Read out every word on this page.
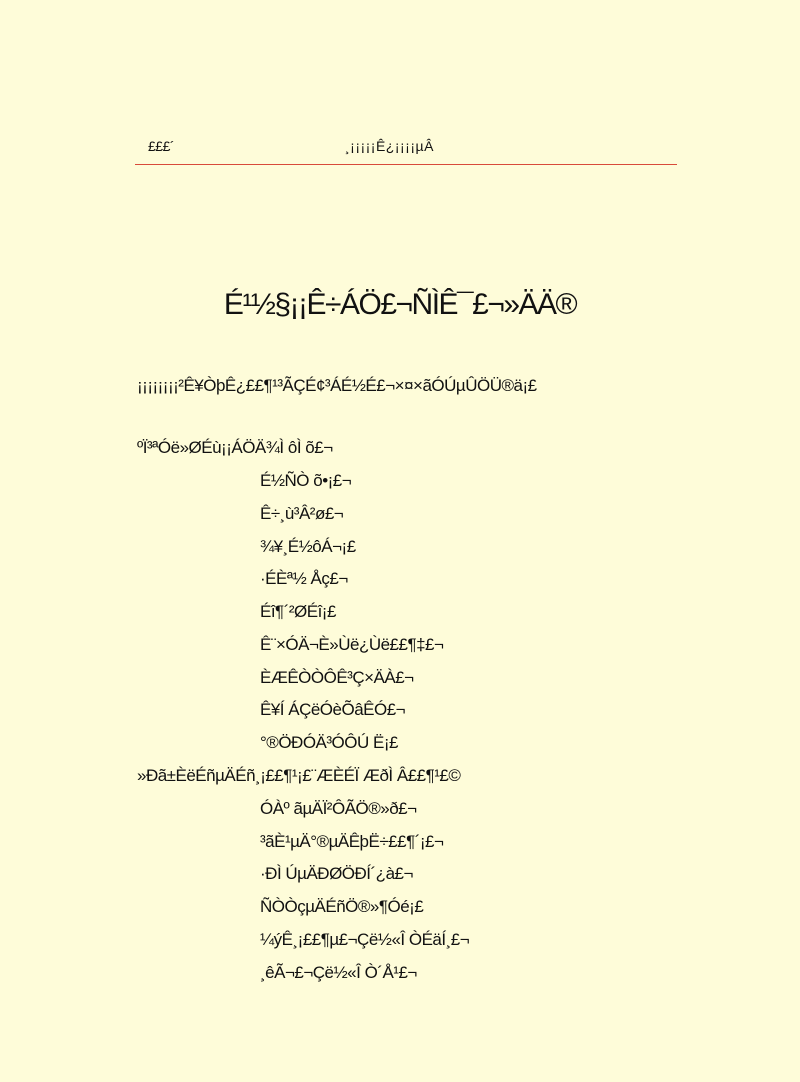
£££´	¸¡¡¡¡¡Ê¿¡¡¡¡µÂ
É¹½§¡¡Ê÷ÁÖ£¬ÑÌÊ¯£¬»ÄÄ®
¡¡¡¡¡¡¡¡²Ê¥ÒþÊ¿££¶¹³ÃÇÉ¢³ÁÉ½É£¬×¤×ãÓÚµÛÖÜ®ä¡£
ºÏ³ªÓë»ØÉù¡¡ÁÖÄ¾Ì ôÌ õ£¬
É½ÑÒ õ•¡£¬
Ê÷¸ù³Â²ø£¬
¾¥¸É½ôÁ¬¡£
·ÉÈª½ Åç£¬
Éî¶´²ØÉî¡£
Ê¨×ÓÄ¬È»Ùë¿Ùë££¶‡£¬
ÈÆÊÒÒÔÊ³Ç×ÄÀ£¬
Ê¥Í ÁÇëÓèÕâÊÓ£¬
°®ÖÐÓÄ³ÓÔÚ Ë¡£
»Ðã±ÈëÉñµÄÉñ¸¡££¶¹¡£¨ÆÈÉÏ ÆðÌ Â££¶¹£©
ÓÀº ãµÄÏ²ÔÃÖ®»ð£¬
³ãÈ¹µÄ°®µÄÊþË÷££¶´¡£¬
·ÐÌ ÚµÄÐØÖÐÍ´¿à£¬
ÑÒÒçµÄÉñÖ®»¶Óé¡£
¼ýÊ¸¡££¶µ£¬Çë½«Î ÒÉäÍ¸£¬
¸êÃ¬£¬Çë½«Î Ò´Å¹£¬
